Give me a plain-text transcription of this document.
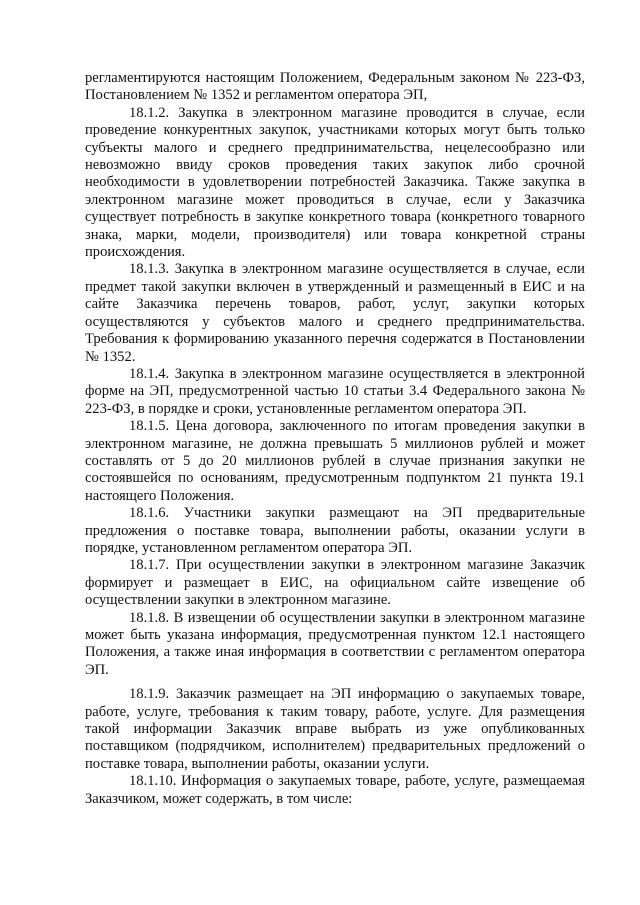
регламентируются настоящим Положением, Федеральным законом № 223-ФЗ, Постановлением № 1352 и регламентом оператора ЭП,

18.1.2. Закупка в электронном магазине проводится в случае, если проведение конкурентных закупок, участниками которых могут быть только субъекты малого и среднего предпринимательства, нецелесообразно или невозможно ввиду сроков проведения таких закупок либо срочной необходимости в удовлетворении потребностей Заказчика. Также закупка в электронном магазине может проводиться в случае, если у Заказчика существует потребность в закупке конкретного товара (конкретного товарного знака, марки, модели, производителя) или товара конкретной страны происхождения.

18.1.3. Закупка в электронном магазине осуществляется в случае, если предмет такой закупки включен в утвержденный и размещенный в ЕИС и на сайте Заказчика перечень товаров, работ, услуг, закупки которых осуществляются у субъектов малого и среднего предпринимательства. Требования к формированию указанного перечня содержатся в Постановлении № 1352.

18.1.4. Закупка в электронном магазине осуществляется в электронной форме на ЭП, предусмотренной частью 10 статьи 3.4 Федерального закона № 223-ФЗ, в порядке и сроки, установленные регламентом оператора ЭП.

18.1.5. Цена договора, заключенного по итогам проведения закупки в электронном магазине, не должна превышать 5 миллионов рублей и может составлять от 5 до 20 миллионов рублей в случае признания закупки не состоявшейся по основаниям, предусмотренным подпунктом 21 пункта 19.1 настоящего Положения.

18.1.6. Участники закупки размещают на ЭП предварительные предложения о поставке товара, выполнении работы, оказании услуги в порядке, установленном регламентом оператора ЭП.

18.1.7. При осуществлении закупки в электронном магазине Заказчик формирует и размещает в ЕИС, на официальном сайте извещение об осуществлении закупки в электронном магазине.

18.1.8. В извещении об осуществлении закупки в электронном магазине может быть указана информация, предусмотренная пунктом 12.1 настоящего Положения, а также иная информация в соответствии с регламентом оператора ЭП.

18.1.9. Заказчик размещает на ЭП информацию о закупаемых товаре, работе, услуге, требования к таким товару, работе, услуге. Для размещения такой информации Заказчик вправе выбрать из уже опубликованных поставщиком (подрядчиком, исполнителем) предварительных предложений о поставке товара, выполнении работы, оказании услуги.

18.1.10. Информация о закупаемых товаре, работе, услуге, размещаемая Заказчиком, может содержать, в том числе:
